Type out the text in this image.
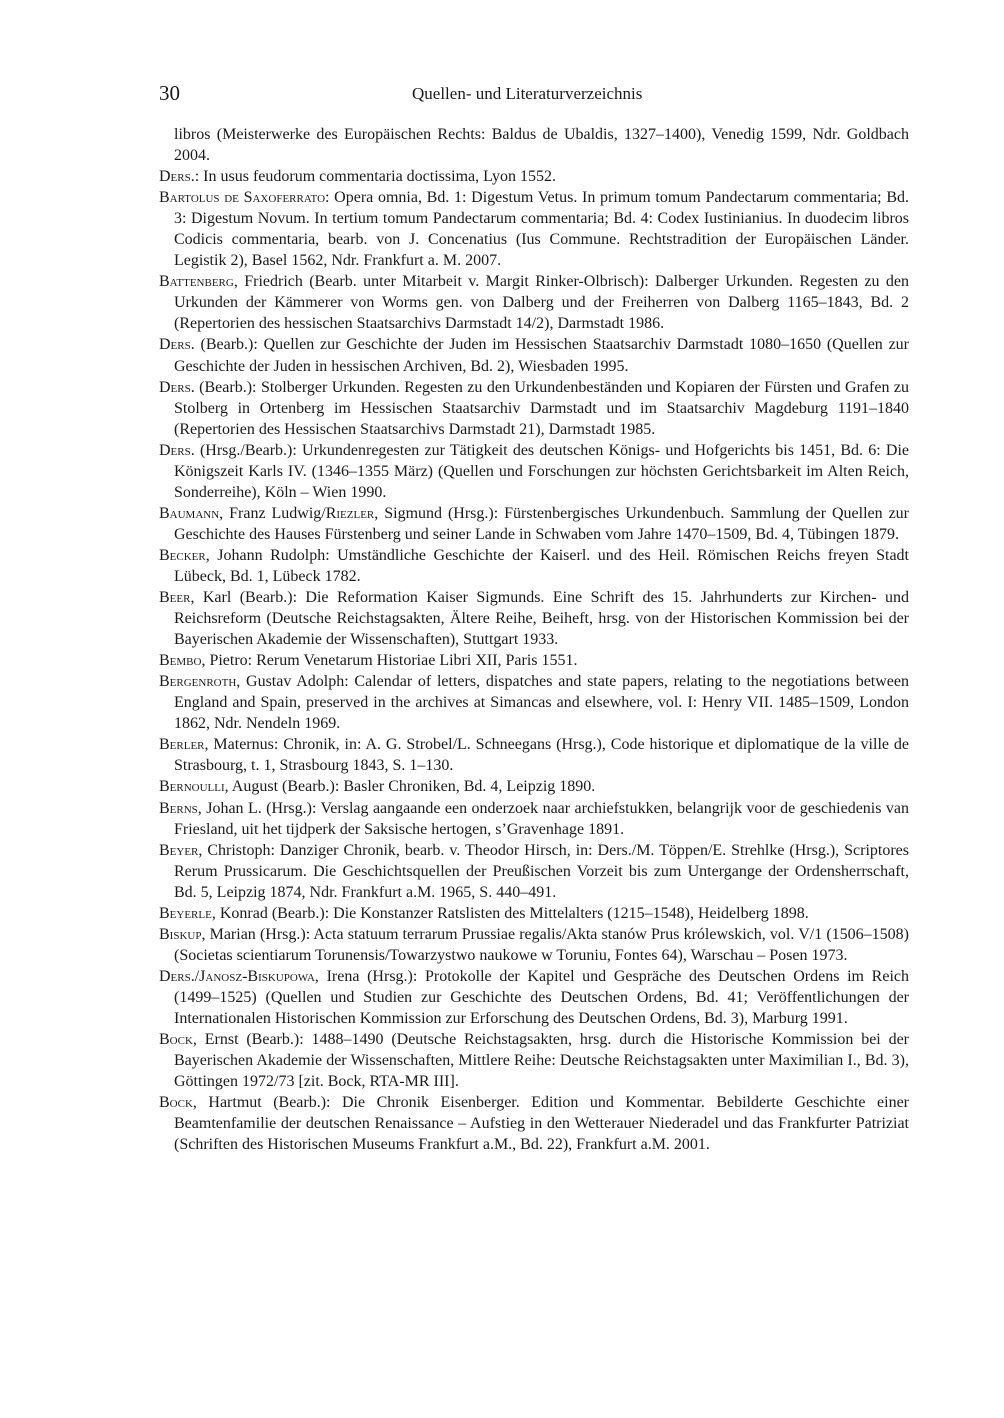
30	Quellen- und Literaturverzeichnis

libros (Meisterwerke des Europäischen Rechts: Baldus de Ubaldis, 1327–1400), Venedig 1599, Ndr. Goldbach 2004.

Ders.: In usus feudorum commentaria doctissima, Lyon 1552.

Bartolus de Saxoferrato: Opera omnia, Bd. 1: Digestum Vetus. In primum tomum Pandectarum commentaria; Bd. 3: Digestum Novum. In tertium tomum Pandectarum commentaria; Bd. 4: Codex Iustinianius. In duodecim libros Codicis commentaria, bearb. von J. Concenatius (Ius Commune. Rechtstradition der Europäischen Länder. Legistik 2), Basel 1562, Ndr. Frankfurt a. M. 2007.

Battenberg, Friedrich (Bearb. unter Mitarbeit v. Margit Rinker-Olbrisch): Dalberger Urkunden. Regesten zu den Urkunden der Kämmerer von Worms gen. von Dalberg und der Freiherren von Dalberg 1165–1843, Bd. 2 (Repertorien des hessischen Staatsarchivs Darmstadt 14/2), Darmstadt 1986.

Ders. (Bearb.): Quellen zur Geschichte der Juden im Hessischen Staatsarchiv Darmstadt 1080–1650 (Quellen zur Geschichte der Juden in hessischen Archiven, Bd. 2), Wiesbaden 1995.

Ders. (Bearb.): Stolberger Urkunden. Regesten zu den Urkundenbeständen und Kopiaren der Fürsten und Grafen zu Stolberg in Ortenberg im Hessischen Staatsarchiv Darmstadt und im Staatsarchiv Magdeburg 1191–1840 (Repertorien des Hessischen Staatsarchivs Darmstadt 21), Darmstadt 1985.

Ders. (Hrsg./Bearb.): Urkundenregesten zur Tätigkeit des deutschen Königs- und Hofgerichts bis 1451, Bd. 6: Die Königszeit Karls IV. (1346–1355 März) (Quellen und Forschungen zur höchsten Gerichtsbarkeit im Alten Reich, Sonderreihe), Köln – Wien 1990.

Baumann, Franz Ludwig/Riezler, Sigmund (Hrsg.): Fürstenbergisches Urkundenbuch. Sammlung der Quellen zur Geschichte des Hauses Fürstenberg und seiner Lande in Schwaben vom Jahre 1470–1509, Bd. 4, Tübingen 1879.

Becker, Johann Rudolph: Umständliche Geschichte der Kaiserl. und des Heil. Römischen Reichs freyen Stadt Lübeck, Bd. 1, Lübeck 1782.

Beer, Karl (Bearb.): Die Reformation Kaiser Sigmunds. Eine Schrift des 15. Jahrhunderts zur Kirchen- und Reichsreform (Deutsche Reichstagsakten, Ältere Reihe, Beiheft, hrsg. von der Historischen Kommission bei der Bayerischen Akademie der Wissenschaften), Stuttgart 1933.

Bembo, Pietro: Rerum Venetarum Historiae Libri XII, Paris 1551.

Bergenroth, Gustav Adolph: Calendar of letters, dispatches and state papers, relating to the negotiations between England and Spain, preserved in the archives at Simancas and elsewhere, vol. I: Henry VII. 1485–1509, London 1862, Ndr. Nendeln 1969.

Berler, Maternus: Chronik, in: A. G. Strobel/L. Schneegans (Hrsg.), Code historique et diplomatique de la ville de Strasbourg, t. 1, Strasbourg 1843, S. 1–130.

Bernoulli, August (Bearb.): Basler Chroniken, Bd. 4, Leipzig 1890.

Berns, Johan L. (Hrsg.): Verslag aangaande een onderzoek naar archiefstukken, belangrijk voor de geschiedenis van Friesland, uit het tijdperk der Saksische hertogen, s’Gravenhage 1891.

Beyer, Christoph: Danziger Chronik, bearb. v. Theodor Hirsch, in: Ders./M. Töppen/E. Strehlke (Hrsg.), Scriptores Rerum Prussicarum. Die Geschichtsquellen der Preußischen Vorzeit bis zum Untergange der Ordensherrschaft, Bd. 5, Leipzig 1874, Ndr. Frankfurt a.M. 1965, S. 440–491.

Beyerle, Konrad (Bearb.): Die Konstanzer Ratslisten des Mittelalters (1215–1548), Heidelberg 1898.

Biskup, Marian (Hrsg.): Acta statuum terrarum Prussiae regalis/Akta stanów Prus królewskich, vol. V/1 (1506–1508) (Societas scientiarum Torunensis/Towarzystwo naukowe w Toruniu, Fontes 64), Warschau – Posen 1973.

Ders./Janosz-Biskupowa, Irena (Hrsg.): Protokolle der Kapitel und Gespräche des Deutschen Ordens im Reich (1499–1525) (Quellen und Studien zur Geschichte des Deutschen Ordens, Bd. 41; Veröffentlichungen der Internationalen Historischen Kommission zur Erforschung des Deutschen Ordens, Bd. 3), Marburg 1991.

Bock, Ernst (Bearb.): 1488–1490 (Deutsche Reichstagsakten, hrsg. durch die Historische Kommission bei der Bayerischen Akademie der Wissenschaften, Mittlere Reihe: Deutsche Reichstagsakten unter Maximilian I., Bd. 3), Göttingen 1972/73 [zit. Bock, RTA-MR III].

Bock, Hartmut (Bearb.): Die Chronik Eisenberger. Edition und Kommentar. Bebilderte Geschichte einer Beamtenfamilie der deutschen Renaissance – Aufstieg in den Wetterauer Niederadel und das Frankfurter Patriziat (Schriften des Historischen Museums Frankfurt a.M., Bd. 22), Frankfurt a.M. 2001.
